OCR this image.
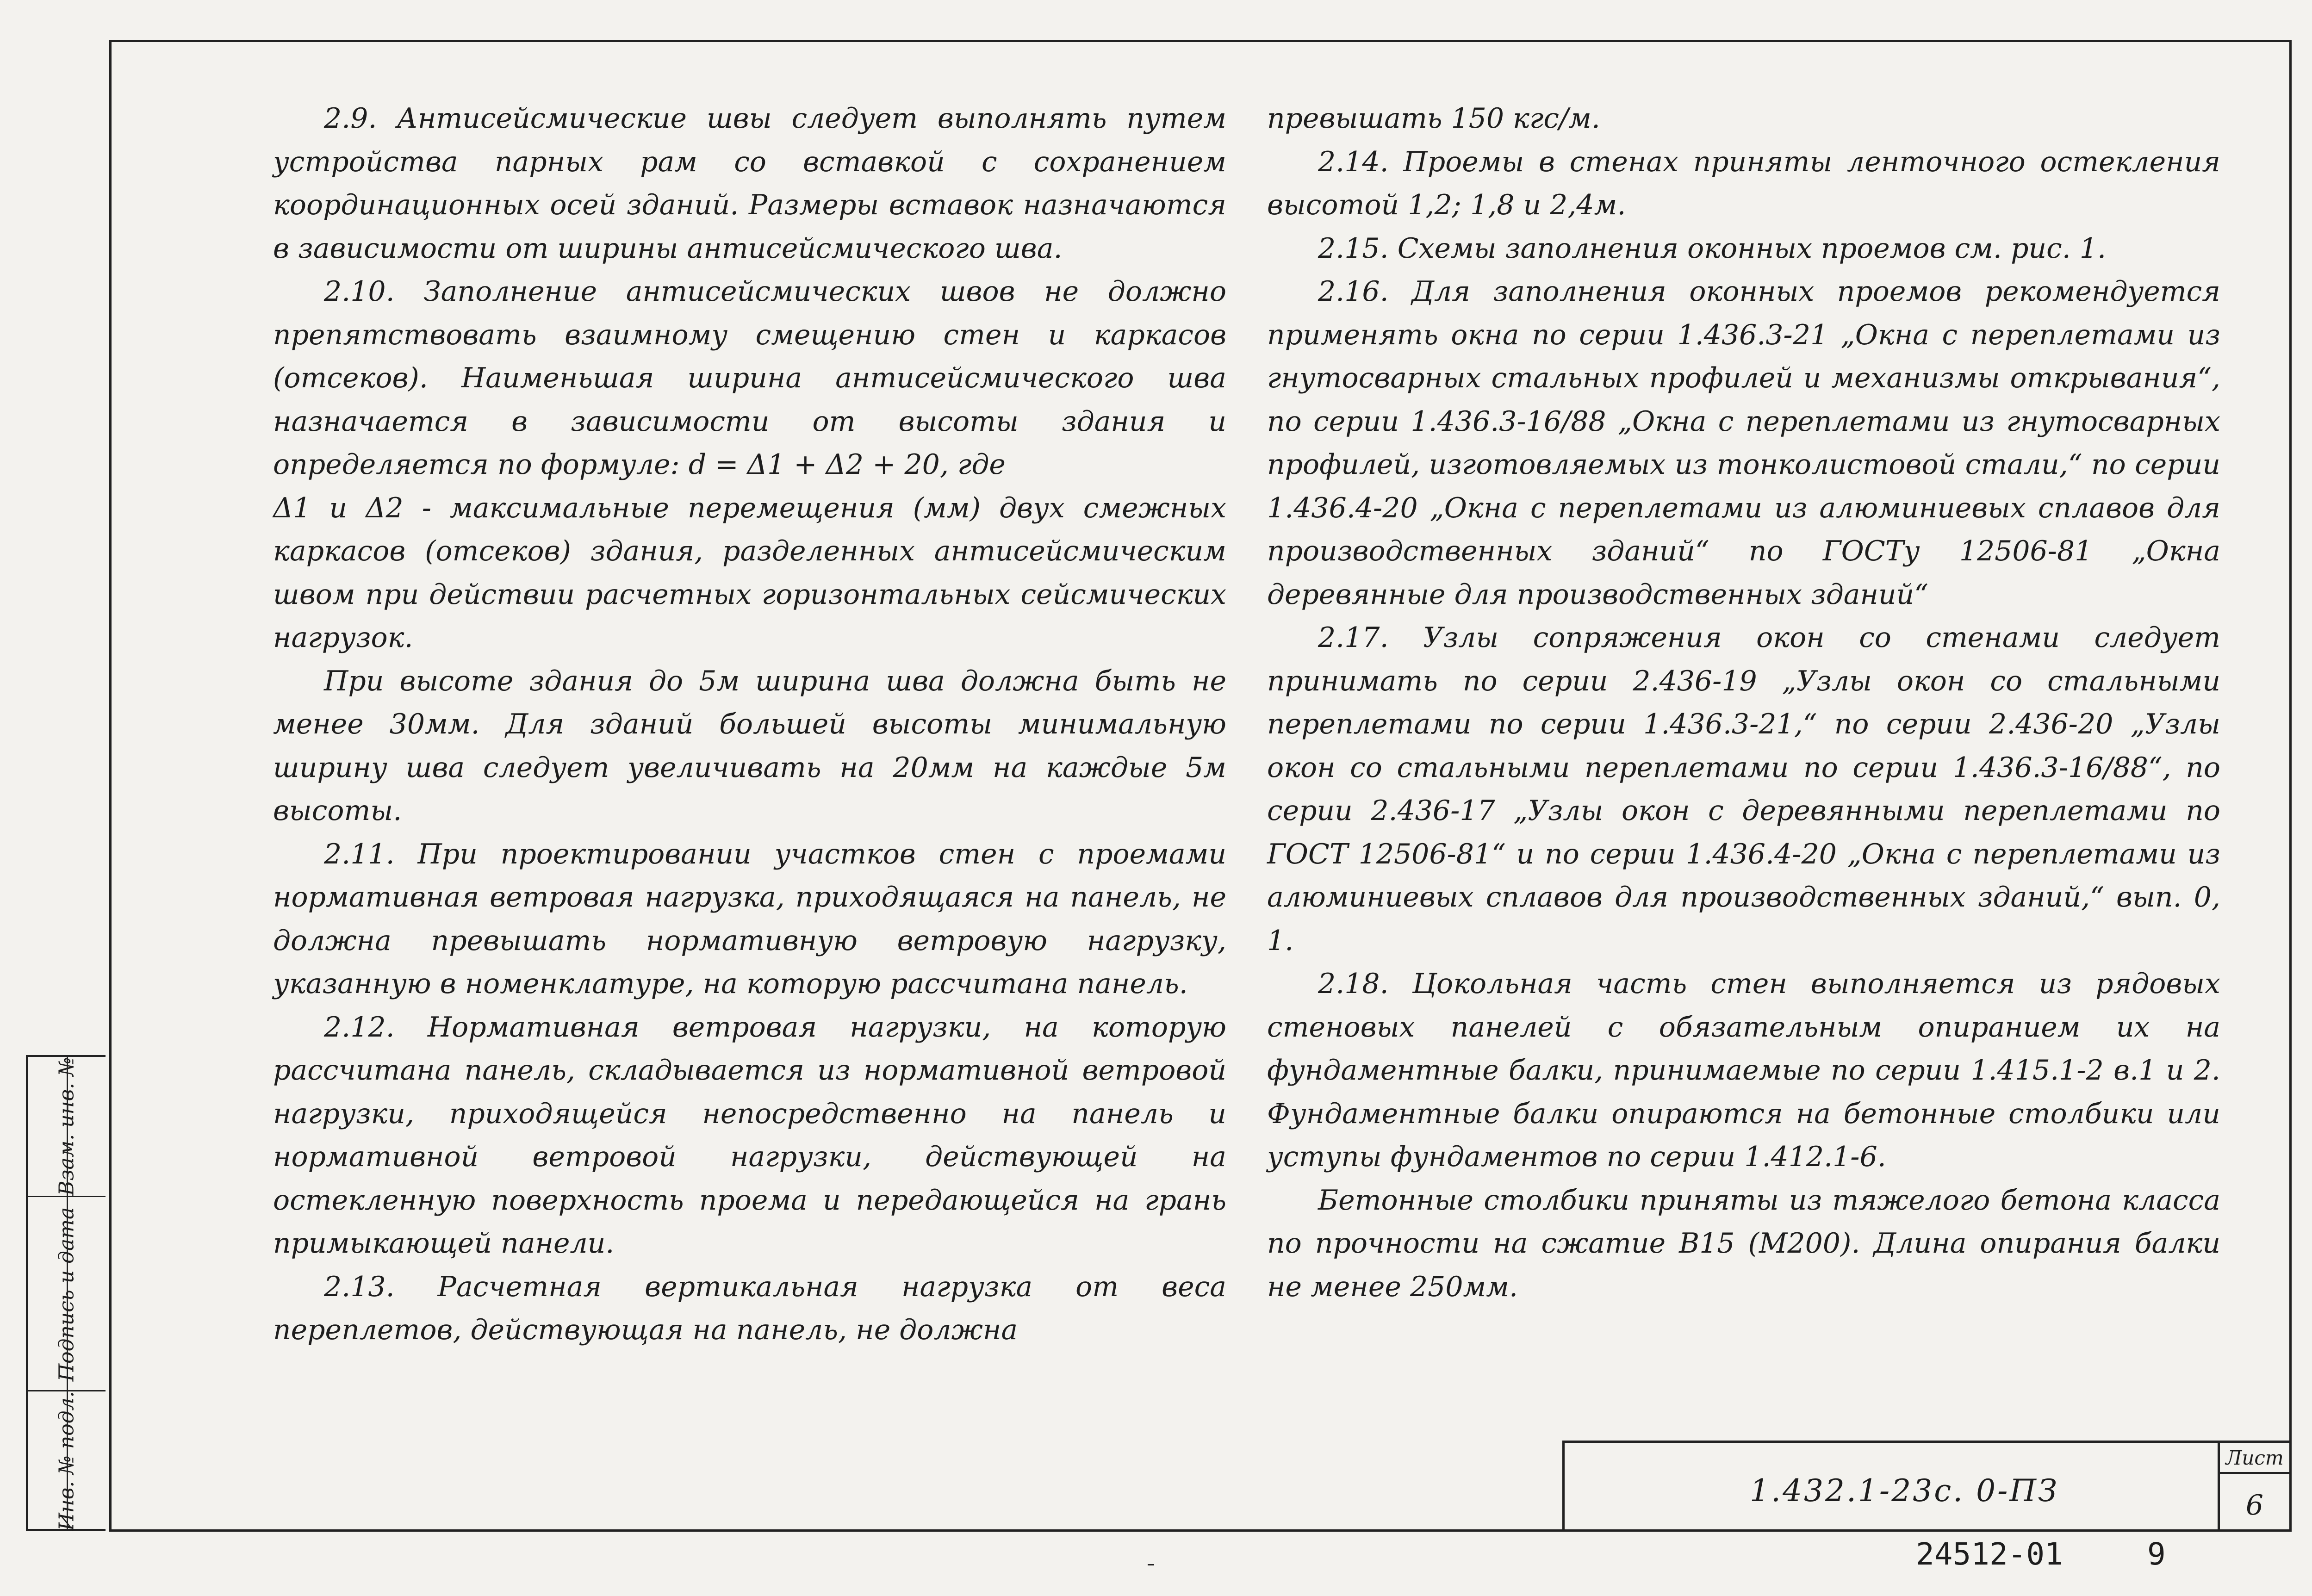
Взам. инв. №
Подпись и дата
Инв. № подл.

2.9. Антисейсмические швы следует выполнять путем устройства парных рам со вставкой с сохранением координационных осей зданий. Размеры вставок назначаются в зависимости от ширины антисейсмического шва.

2.10. Заполнение антисейсмических швов не должно препятствовать взаимному смещению стен и каркасов (отсеков). Наименьшая ширина антисейсмического шва назначается в зависимости от высоты здания и определяется по формуле: d = Δ1 + Δ2 + 20, где

Δ1 и Δ2 - максимальные перемещения (мм) двух смежных каркасов (отсеков) здания, разделенных антисейсмическим швом при действии расчетных горизонтальных сейсмических нагрузок.

При высоте здания до 5м ширина шва должна быть не менее 30мм. Для зданий большей высоты минимальную ширину шва следует увеличивать на 20мм на каждые 5м высоты.

2.11. При проектировании участков стен с проемами нормативная ветровая нагрузка, приходящаяся на панель, не должна превышать нормативную ветровую нагрузку, указанную в номенклатуре, на которую рассчитана панель.

2.12. Нормативная ветровая нагрузки, на которую рассчитана панель, складывается из нормативной ветровой нагрузки, приходящейся непосредственно на панель и нормативной ветровой нагрузки, действующей на остекленную поверхность проема и передающейся на грань примыкающей панели.

2.13. Расчетная вертикальная нагрузка от веса переплетов, действующая на панель, не должна

превышать 150 кгс/м.

2.14. Проемы в стенах приняты ленточного остекления высотой 1,2; 1,8 и 2,4м.

2.15. Схемы заполнения оконных проемов см. рис. 1.

2.16. Для заполнения оконных проемов рекомендуется применять окна по серии 1.436.3-21 „Окна с переплетами из гнутосварных стальных профилей и механизмы открывания“, по серии 1.436.3-16/88 „Окна с переплетами из гнутосварных профилей, изготовляемых из тонколистовой стали,“ по серии 1.436.4-20 „Окна с переплетами из алюминиевых сплавов для производственных зданий“ по ГОСТу 12506-81 „Окна деревянные для производственных зданий“

2.17. Узлы сопряжения окон со стенами следует принимать по серии 2.436-19 „Узлы окон со стальными переплетами по серии 1.436.3-21,“ по серии 2.436-20 „Узлы окон со стальными переплетами по серии 1.436.3-16/88“, по серии 2.436-17 „Узлы окон с деревянными переплетами по ГОСТ 12506-81“ и по серии 1.436.4-20 „Окна с переплетами из алюминиевых сплавов для производственных зданий,“ вып. 0, 1.

2.18. Цокольная часть стен выполняется из рядовых стеновых панелей с обязательным опиранием их на фундаментные балки, принимаемые по серии 1.415.1-2 в.1 и 2. Фундаментные балки опираются на бетонные столбики или уступы фундаментов по серии 1.412.1-6.

Бетонные столбики приняты из тяжелого бетона класса по прочности на сжатие В15 (М200). Длина опирания балки не менее 250мм.

1.432.1-23с. 0-ПЗ
Лист
6
24512-01	9
